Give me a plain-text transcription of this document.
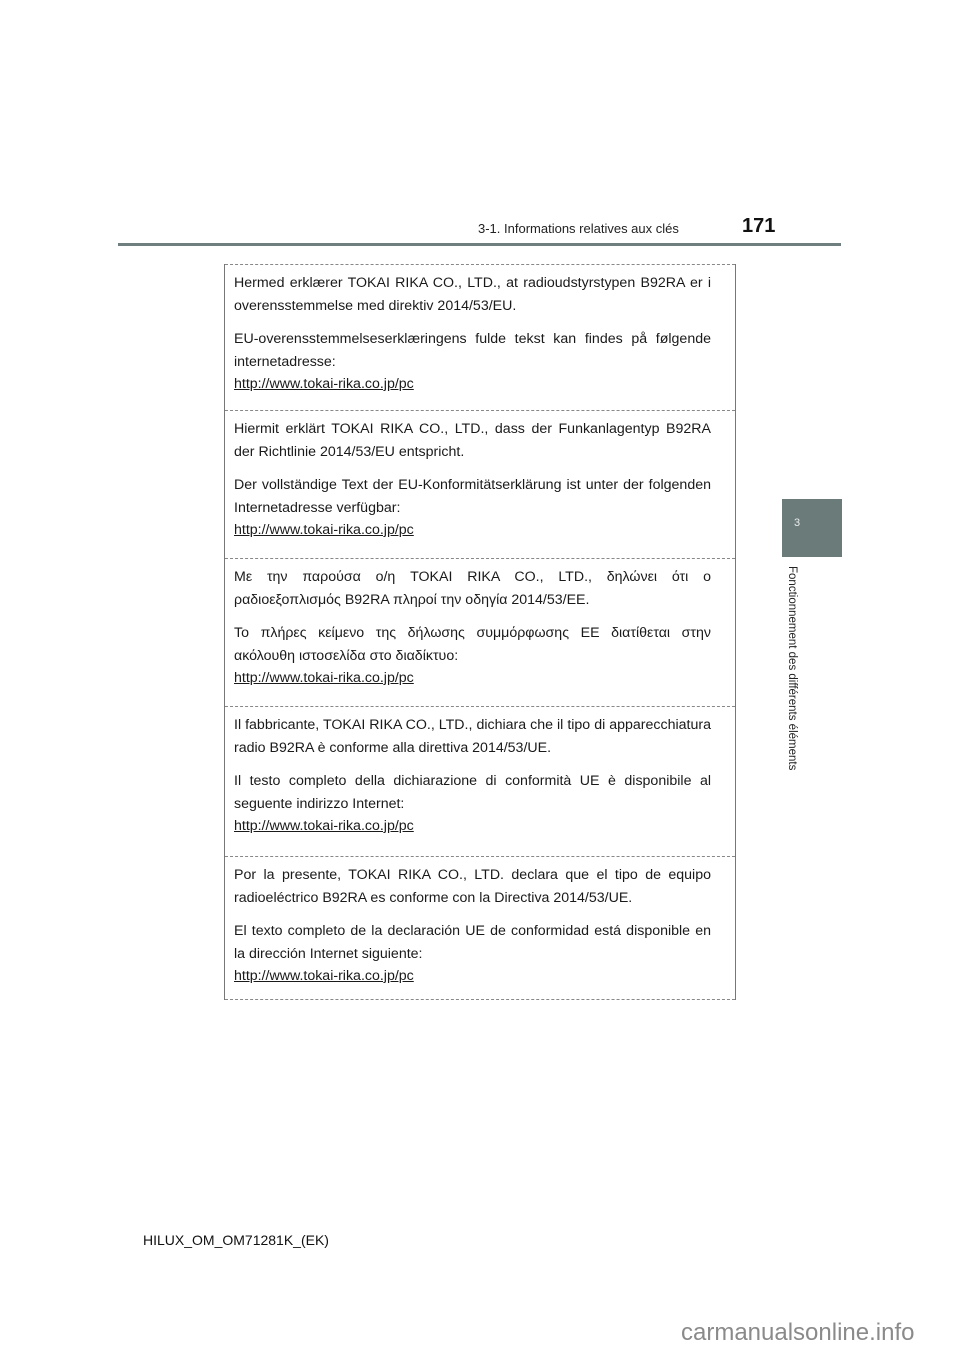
3-1. Informations relatives aux clés	171
3
Fonctionnement des différents éléments

Hermed erklærer TOKAI RIKA CO., LTD., at radioudstyrstypen B92RA er i overensstemmelse med direktiv 2014/53/EU.

EU-overensstemmelseserklæringens fulde tekst kan findes på følgende internetadresse:

http://www.tokai-rika.co.jp/pc

Hiermit erklärt TOKAI RIKA CO., LTD., dass der Funkanlagentyp B92RA der Richtlinie 2014/53/EU entspricht.

Der vollständige Text der EU-Konformitätserklärung ist unter der folgenden Internetadresse verfügbar:

http://www.tokai-rika.co.jp/pc

Με την παρούσα ο/η TOKAI RIKA CO., LTD., δηλώνει ότι ο ραδιοεξοπλισμός B92RA πληροί την οδηγία 2014/53/ΕΕ.

Το πλήρες κείμενο της δήλωσης συμμόρφωσης ΕΕ διατίθεται στην ακόλουθη ιστοσελίδα στο διαδίκτυο:

http://www.tokai-rika.co.jp/pc

Il fabbricante, TOKAI RIKA CO., LTD., dichiara che il tipo di apparecchiatura radio B92RA è conforme alla direttiva 2014/53/UE.

Il testo completo della dichiarazione di conformità UE è disponibile al seguente indirizzo Internet:

http://www.tokai-rika.co.jp/pc

Por la presente, TOKAI RIKA CO., LTD. declara que el tipo de equipo radioeléctrico B92RA es conforme con la Directiva 2014/53/UE.

El texto completo de la declaración UE de conformidad está disponible en la dirección Internet siguiente:

http://www.tokai-rika.co.jp/pc
HILUX_OM_OM71281K_(EK)
carmanualsonline.info
